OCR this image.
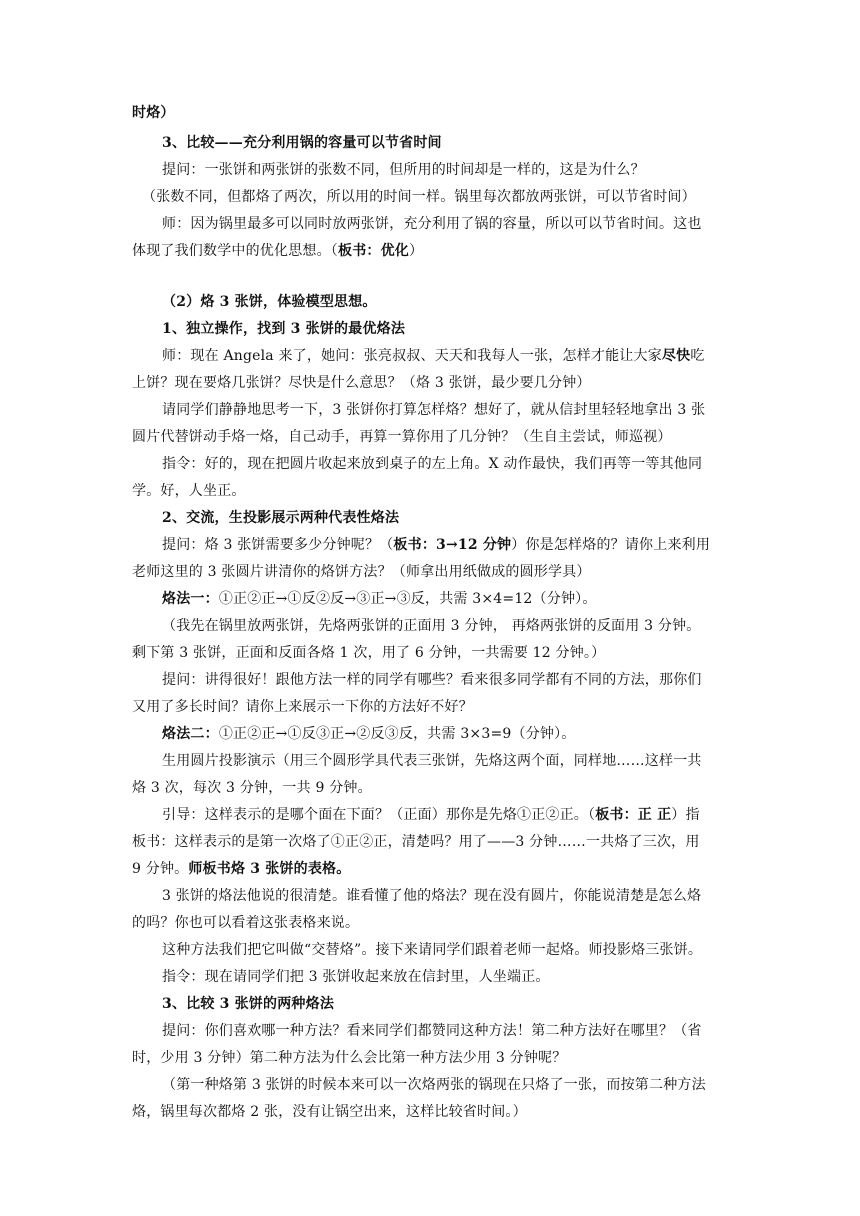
时烙）
3、比较——充分利用锅的容量可以节省时间
提问：一张饼和两张饼的张数不同，但所用的时间却是一样的，这是为什么？
（张数不同，但都烙了两次，所以用的时间一样。锅里每次都放两张饼，可以节省时间）
师：因为锅里最多可以同时放两张饼，充分利用了锅的容量，所以可以节省时间。这也
体现了我们数学中的优化思想。（板书：优化）
（2）烙 3 张饼，体验模型思想。
1、独立操作，找到 3 张饼的最优烙法
师：现在 Angela 来了，她问：张亮叔叔、天天和我每人一张，怎样才能让大家尽快吃
上饼？现在要烙几张饼？尽快是什么意思？（烙 3 张饼，最少要几分钟）
请同学们静静地思考一下，3 张饼你打算怎样烙？想好了，就从信封里轻轻地拿出 3 张
圆片代替饼动手烙一烙，自己动手，再算一算你用了几分钟？（生自主尝试，师巡视）
指令：好的，现在把圆片收起来放到桌子的左上角。X 动作最快，我们再等一等其他同
学。好，人坐正。
2、交流，生投影展示两种代表性烙法
提问：烙 3 张饼需要多少分钟呢？（板书：3→12 分钟）你是怎样烙的？请你上来利用
老师这里的 3 张圆片讲清你的烙饼方法？（师拿出用纸做成的圆形学具）
烙法一：①正②正→①反②反→③正→③反，共需 3×4=12（分钟）。
（我先在锅里放两张饼，先烙两张饼的正面用 3 分钟， 再烙两张饼的反面用 3 分钟。
剩下第 3 张饼，正面和反面各烙 1 次，用了 6 分钟，一共需要 12 分钟。）
提问：讲得很好！跟他方法一样的同学有哪些？看来很多同学都有不同的方法，那你们
又用了多长时间？请你上来展示一下你的方法好不好？
烙法二：①正②正→①反③正→②反③反，共需 3×3=9（分钟）。
生用圆片投影演示（用三个圆形学具代表三张饼，先烙这两个面，同样地……这样一共
烙 3 次，每次 3 分钟，一共 9 分钟。
引导：这样表示的是哪个面在下面？（正面）那你是先烙①正②正。（板书：正 正）指
板书：这样表示的是第一次烙了①正②正，清楚吗？用了——3 分钟……一共烙了三次，用
9 分钟。师板书烙 3 张饼的表格。
3 张饼的烙法他说的很清楚。谁看懂了他的烙法？现在没有圆片，你能说清楚是怎么烙
的吗？你也可以看着这张表格来说。
这种方法我们把它叫做“交替烙”。接下来请同学们跟着老师一起烙。师投影烙三张饼。
指令：现在请同学们把 3 张饼收起来放在信封里，人坐端正。
3、比较 3 张饼的两种烙法
提问：你们喜欢哪一种方法？看来同学们都赞同这种方法！第二种方法好在哪里？（省
时，少用 3 分钟）第二种方法为什么会比第一种方法少用 3 分钟呢？
（第一种烙第 3 张饼的时候本来可以一次烙两张的锅现在只烙了一张，而按第二种方法
烙，锅里每次都烙 2 张，没有让锅空出来，这样比较省时间。）
